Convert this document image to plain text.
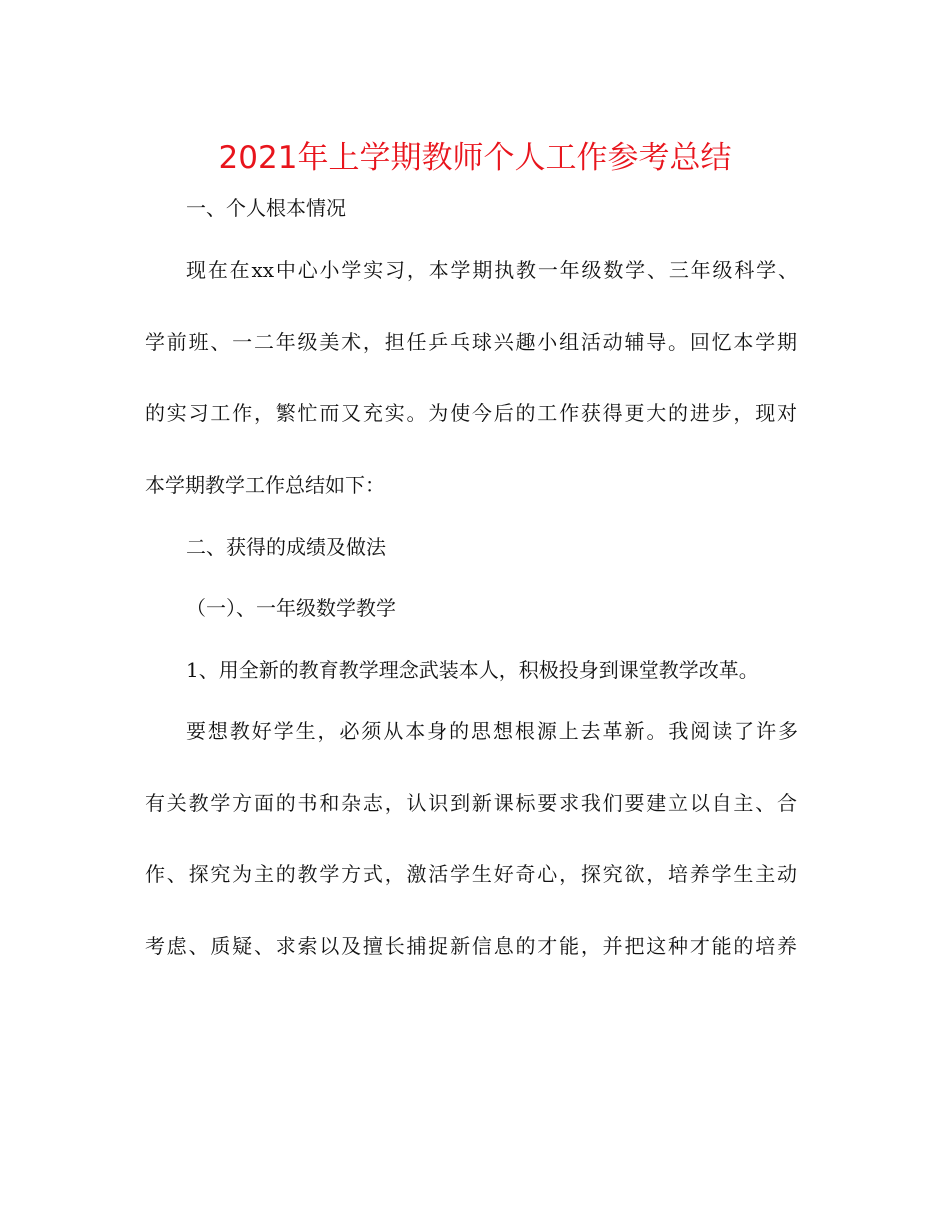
2021年上学期教师个人工作参考总结
一、个人根本情况
现在在xx中心小学实习，本学期执教一年级数学、三年级科学、
学前班、一二年级美术，担任乒乓球兴趣小组活动辅导。回忆本学期
的实习工作，繁忙而又充实。为使今后的工作获得更大的进步，现对
本学期教学工作总结如下：
二、获得的成绩及做法
（一）、一年级数学教学
1、用全新的教育教学理念武装本人，积极投身到课堂教学改革。
要想教好学生，必须从本身的思想根源上去革新。我阅读了许多
有关教学方面的书和杂志，认识到新课标要求我们要建立以自主、合
作、探究为主的教学方式，激活学生好奇心，探究欲，培养学生主动
考虑、质疑、求索以及擅长捕捉新信息的才能，并把这种才能的培养
